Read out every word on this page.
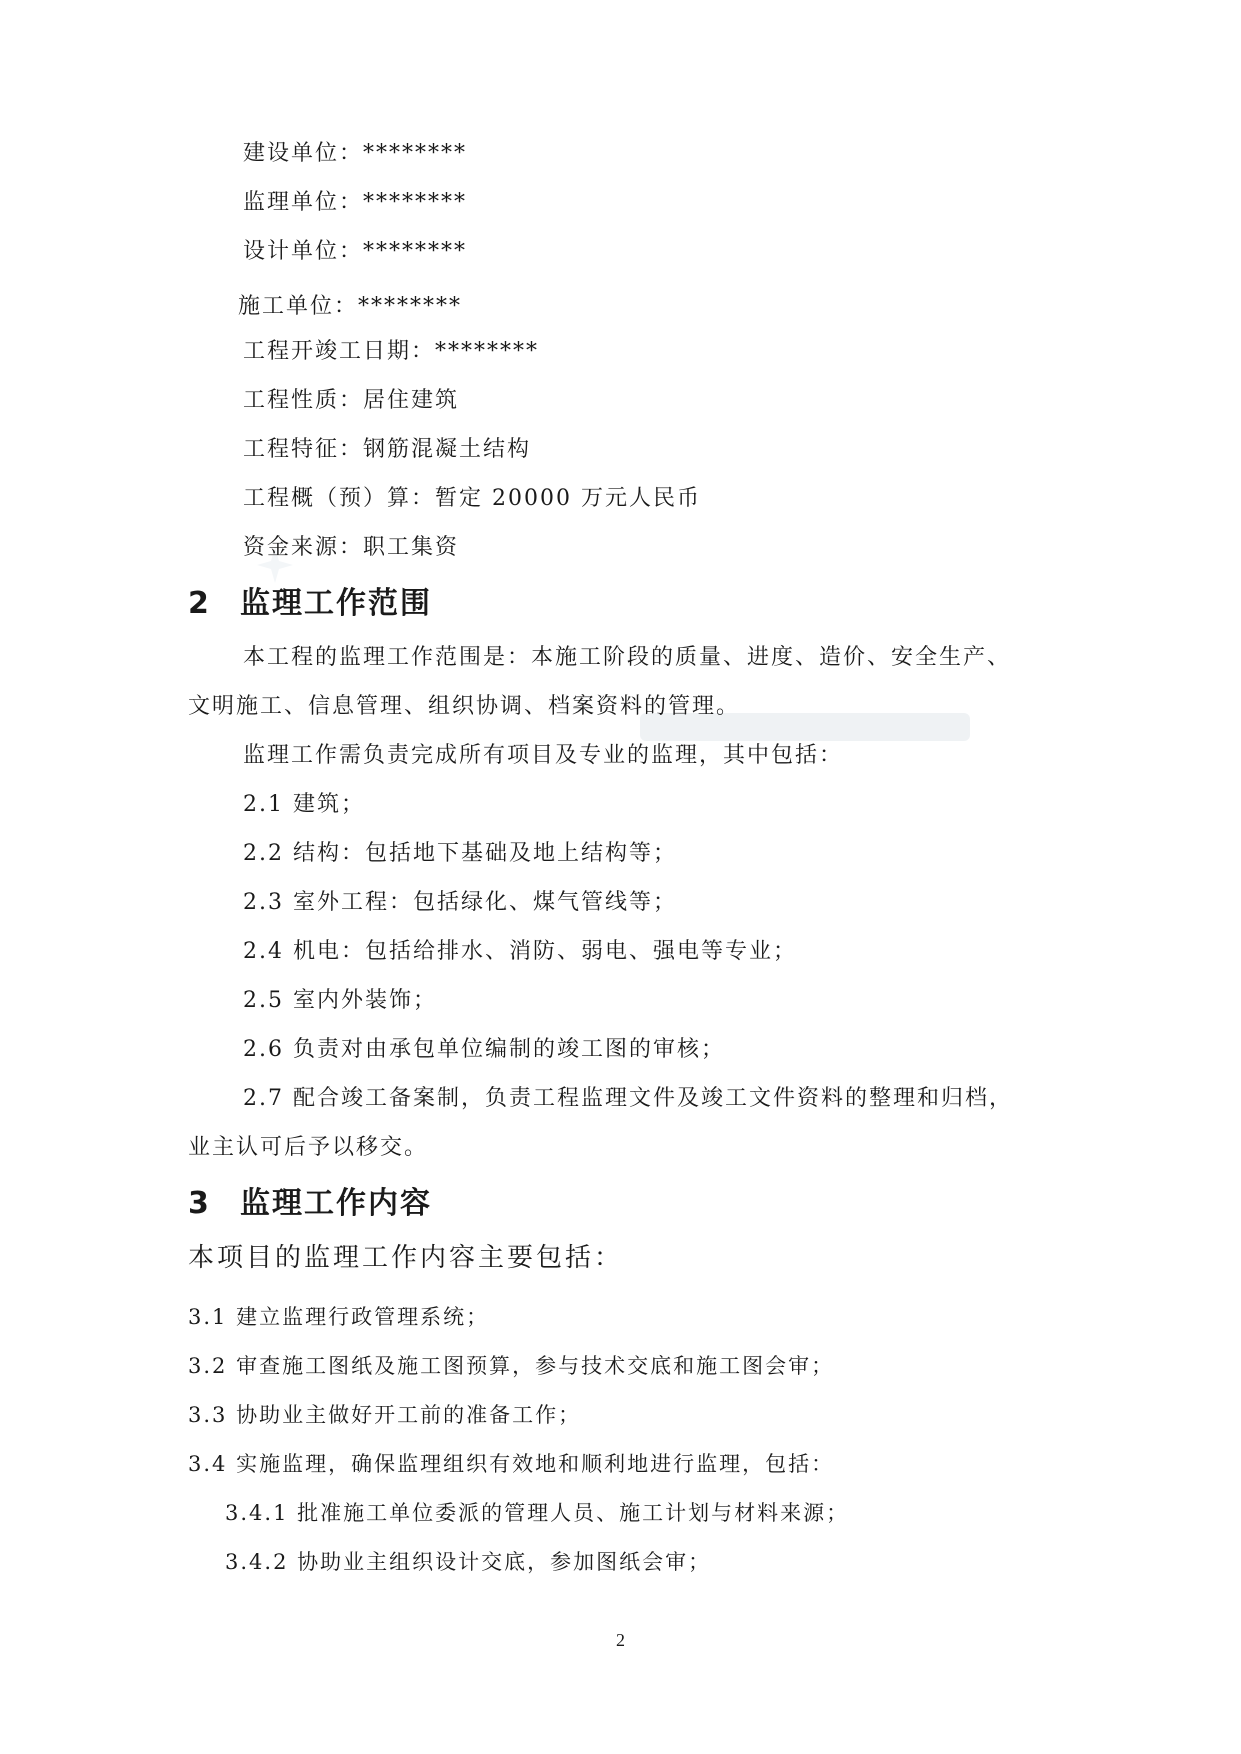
建设单位：********
监理单位：********
设计单位：********
施工单位：********
工程开竣工日期：********
工程性质：居住建筑
工程特征：钢筋混凝土结构
工程概（预）算：暂定 20000 万元人民币
资金来源：职工集资
2 监理工作范围
本工程的监理工作范围是：本施工阶段的质量、进度、造价、安全生产、
文明施工、信息管理、组织协调、档案资料的管理。
监理工作需负责完成所有项目及专业的监理，其中包括：
2.1 建筑；
2.2 结构：包括地下基础及地上结构等；
2.3 室外工程：包括绿化、煤气管线等；
2.4 机电：包括给排水、消防、弱电、强电等专业；
2.5 室内外装饰；
2.6 负责对由承包单位编制的竣工图的审核；
2.7 配合竣工备案制，负责工程监理文件及竣工文件资料的整理和归档，
业主认可后予以移交。
3 监理工作内容
本项目的监理工作内容主要包括：
3.1 建立监理行政管理系统；
3.2 审查施工图纸及施工图预算，参与技术交底和施工图会审；
3.3 协助业主做好开工前的准备工作；
3.4 实施监理，确保监理组织有效地和顺利地进行监理，包括：
3.4.1 批准施工单位委派的管理人员、施工计划与材料来源；
3.4.2 协助业主组织设计交底，参加图纸会审；
2
